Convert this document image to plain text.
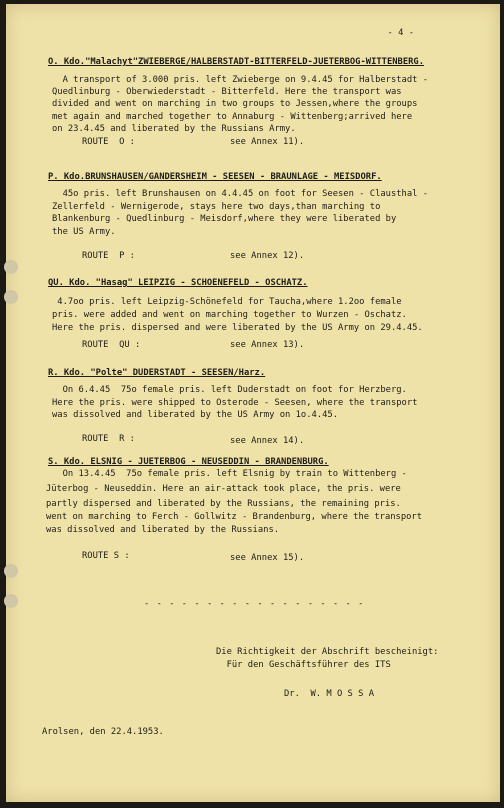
- 4 -
O. Kdo."Malachyt"ZWIEBERGE/HALBERSTADT-BITTERFELD-JUETERBOG-WITTENBERG.
A transport of 3.000 pris. left Zwieberge on 9.4.45 for Halberstadt -
Quedlinburg - Oberwiederstadt - Bitterfeld. Here the transport was
divided and went on marching in two groups to Jessen,where the groups
met again and marched together to Annaburg - Wittenberg;arrived here
on 23.4.45 and liberated by the Russians Army.
ROUTE  O :	see Annex 11).
P. Kdo.BRUNSHAUSEN/GANDERSHEIM - SEESEN - BRAUNLAGE - MEISDORF.
45o pris. left Brunshausen on 4.4.45 on foot for Seesen - Clausthal -
Zellerfeld - Wernigerode, stays here two days,than marching to
Blankenburg - Quedlinburg - Meisdorf,where they were liberated by
the US Army.
ROUTE  P :	see Annex 12).
QU. Kdo. "Hasag" LEIPZIG - SCHOENEFELD - OSCHATZ.
4.7oo pris. left Leipzig-Schönefeld for Taucha,where 1.2oo female
pris. were added and went on marching together to Wurzen - Oschatz.
Here the pris. dispersed and were liberated by the US Army on 29.4.45.
ROUTE  QU :	see Annex 13).
R. Kdo. "Polte" DUDERSTADT - SEESEN/Harz.
On 6.4.45  75o female pris. left Duderstadt on foot for Herzberg.
Here the pris. were shipped to Osterode - Seesen, where the transport
was dissolved and liberated by the US Army on 1o.4.45.
ROUTE  R :	see Annex 14).
S. Kdo. ELSNIG - JUETERBOG - NEUSEDDIN - BRANDENBURG.
On 13.4.45  75o female pris. left Elsnig by train to Wittenberg -
Jüterbog - Neuseddin. Here an air-attack took place, the pris. were
partly dispersed and liberated by the Russians, the remaining pris.
went on marching to Ferch - Gollwitz - Brandenburg, where the transport
was dissolved and liberated by the Russians.
ROUTE S :	see Annex 15).
- - - - - - - - - - - - - - - - - -
Die Richtigkeit der Abschrift bescheinigt:
Für den Geschäftsführer des ITS
Dr.  W. M O S S A
Arolsen, den 22.4.1953.
